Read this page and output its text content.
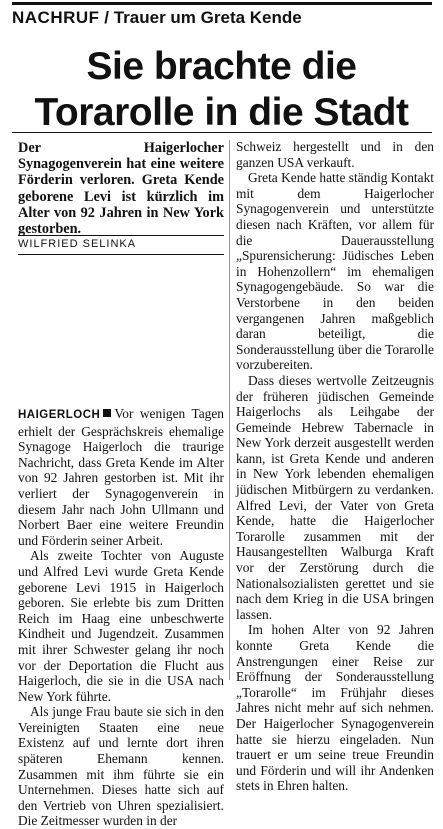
NACHRUF / Trauer um Greta Kende
Sie brachte die
Torarolle in die Stadt
Der Haigerlocher Synagogenverein hat eine weitere Förderin verloren. Greta Kende geborene Levi ist kürzlich im Alter von 92 Jahren in New York gestorben.
WILFRIED SELINKA

HAIGERLOCH Vor wenigen Tagen erhielt der Gesprächskreis ehemalige Synagoge Haigerloch die traurige Nachricht, dass Greta Kende im Alter von 92 Jahren gestorben ist. Mit ihr verliert der Synagogenverein in diesem Jahr nach John Ullmann und Norbert Baer eine weitere Freundin und Förderin seiner Arbeit.

Als zweite Tochter von Auguste und Alfred Levi wurde Greta Kende geborene Levi 1915 in Haigerloch geboren. Sie erlebte bis zum Dritten Reich im Haag eine unbeschwerte Kindheit und Jugendzeit. Zusammen mit ihrer Schwester gelang ihr noch vor der Deportation die Flucht aus Haigerloch, die sie in die USA nach New York führte.

Als junge Frau baute sie sich in den Vereinigten Staaten eine neue Existenz auf und lernte dort ihren späteren Ehemann kennen. Zusammen mit ihm führte sie ein Unternehmen. Dieses hatte sich auf den Vertrieb von Uhren spezialisiert. Die Zeitmesser wurden in der

Schweiz hergestellt und in den ganzen USA verkauft.

Greta Kende hatte ständig Kontakt mit dem Haigerlocher Synagogenverein und unterstützte diesen nach Kräften, vor allem für die Dauerausstellung „Spurensicherung: Jüdisches Leben in Hohenzollern“ im ehemaligen Synagogengebäude. So war die Verstorbene in den beiden vergangenen Jahren maßgeblich daran beteiligt, die Sonderausstellung über die Torarolle vorzubereiten.

Dass dieses wertvolle Zeitzeugnis der früheren jüdischen Gemeinde Haigerlochs als Leihgabe der Gemeinde Hebrew Tabernacle in New York derzeit ausgestellt werden kann, ist Greta Kende und anderen in New York lebenden ehemaligen jüdischen Mitbürgern zu verdanken. Alfred Levi, der Vater von Greta Kende, hatte die Haigerlocher Torarolle zusammen mit der Hausangestellten Walburga Kraft vor der Zerstörung durch die Nationalsozialisten gerettet und sie nach dem Krieg in die USA bringen lassen.

Im hohen Alter von 92 Jahren konnte Greta Kende die Anstrengungen einer Reise zur Eröffnung der Sonderausstellung „Torarolle“ im Frühjahr dieses Jahres nicht mehr auf sich nehmen. Der Haigerlocher Synagogenverein hatte sie hierzu eingeladen. Nun trauert er um seine treue Freundin und Förderin und will ihr Andenken stets in Ehren halten.
